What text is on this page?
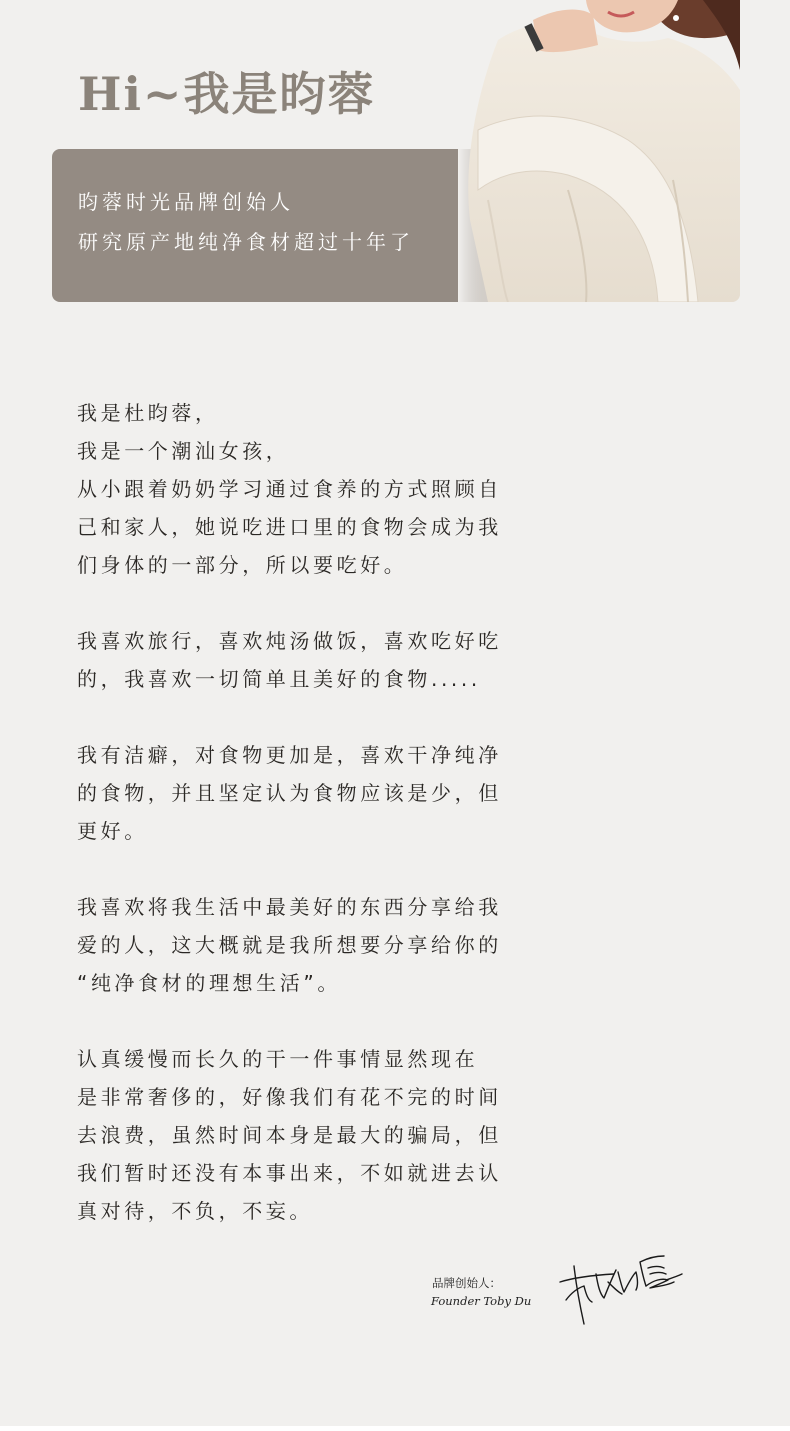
Hi~我是昀蓉
昀蓉时光品牌创始人
研究原产地纯净食材超过十年了

我是杜昀蓉，
我是一个潮汕女孩，
从小跟着奶奶学习通过食养的方式照顾自
己和家人，她说吃进口里的食物会成为我
们身体的一部分，所以要吃好。

我喜欢旅行，喜欢炖汤做饭，喜欢吃好吃
的，我喜欢一切简单且美好的食物.....

我有洁癖，对食物更加是，喜欢干净纯净
的食物，并且坚定认为食物应该是少，但
更好。

我喜欢将我生活中最美好的东西分享给我
爱的人，这大概就是我所想要分享给你的
“纯净食材的理想生活”。

认真缓慢而长久的干一件事情显然现在
是非常奢侈的，好像我们有花不完的时间
去浪费，虽然时间本身是最大的骗局，但
我们暂时还没有本事出来，不如就进去认
真对待，不负，不妄。

品牌创始人：
Founder Toby Du
